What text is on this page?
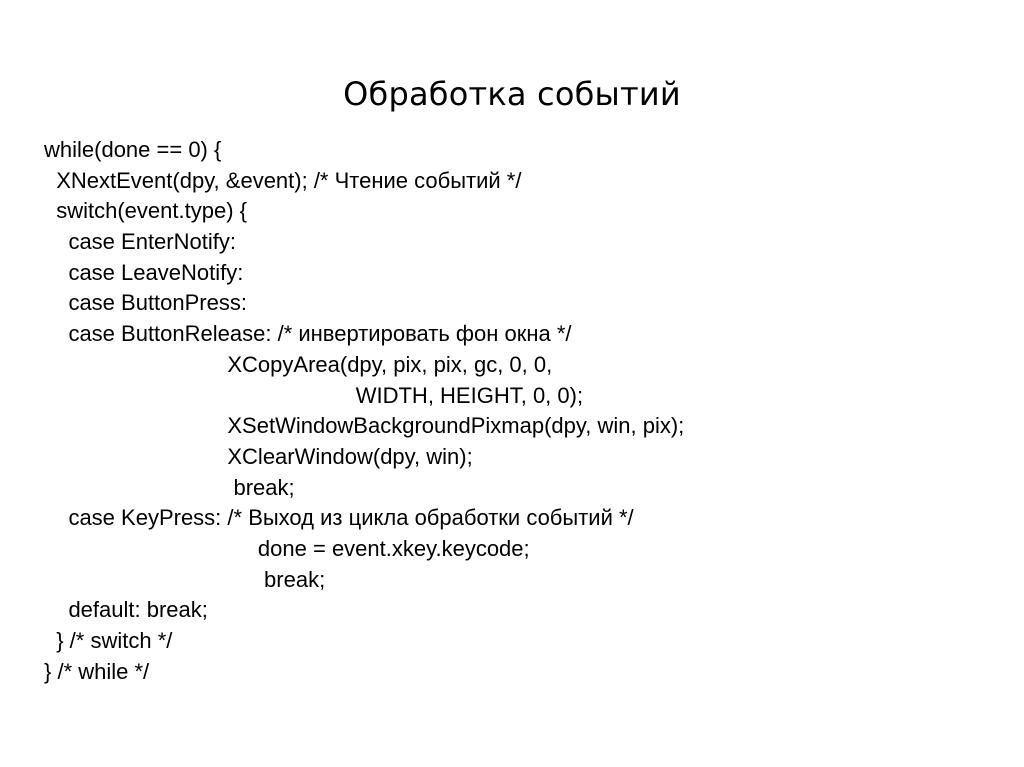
Обработка событий
while(done == 0) {
XNextEvent(dpy, &event); /* Чтение событий */
switch(event.type) {
case EnterNotify:
case LeaveNotify:
case ButtonPress:
case ButtonRelease: /* инвертировать фон окна */
XCopyArea(dpy, pix, pix, gc, 0, 0,
WIDTH, HEIGHT, 0, 0);
XSetWindowBackgroundPixmap(dpy, win, pix);
XClearWindow(dpy, win);
break;
case KeyPress: /* Выход из цикла обработки событий */
done = event.xkey.keycode;
break;
default: break;
} /* switch */
} /* while */
